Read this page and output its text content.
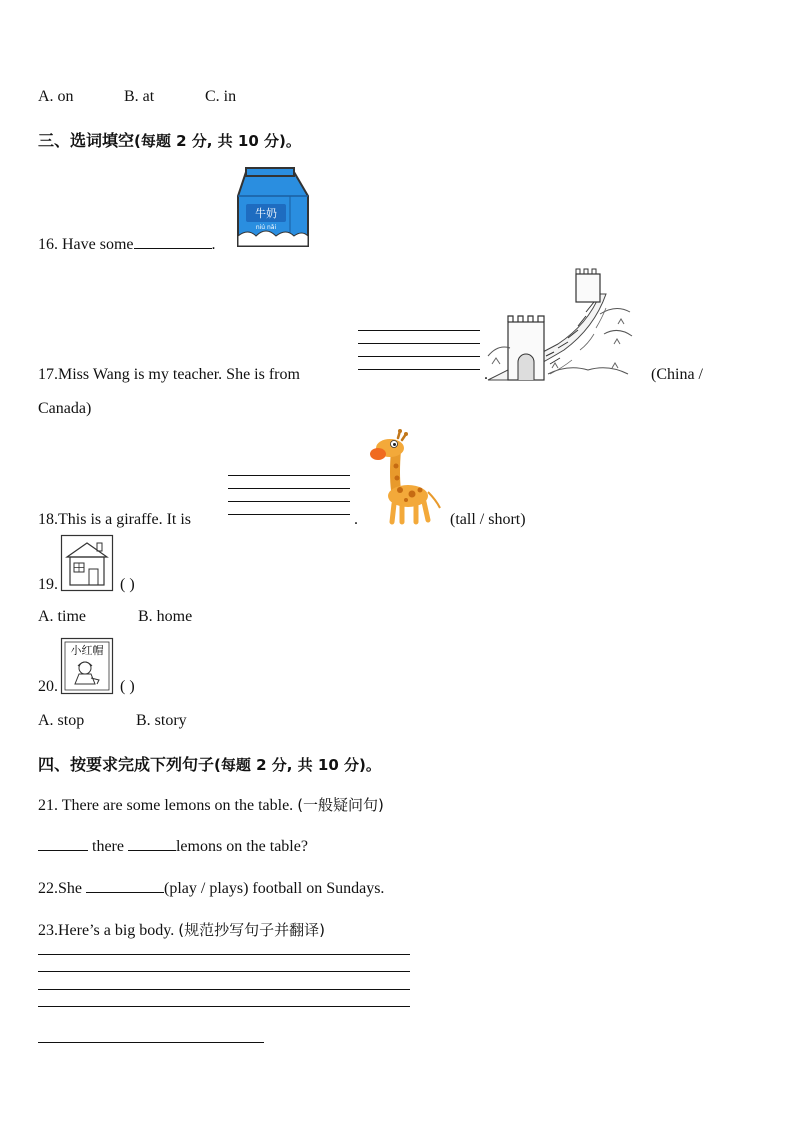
A. on	B. at	C. in
三、选词填空(每题 2 分, 共 10 分)。
16. Have some	.
牛奶
niú nǎi
17.Miss Wang is my teacher. She is from	.	(China /
Canada)
18.This is a giraffe. It is	.	(tall / short)
19.	( )
A. time	B. home
20.
小红帽
( )
A. stop	B. story
四、按要求完成下列句子(每题 2 分, 共 10 分)。
21. There are some lemons on the table. (一般疑问句)
there	lemons on the table?
22.She	(play / plays) football on Sundays.
23.Here’s a big body. (规范抄写句子并翻译)
